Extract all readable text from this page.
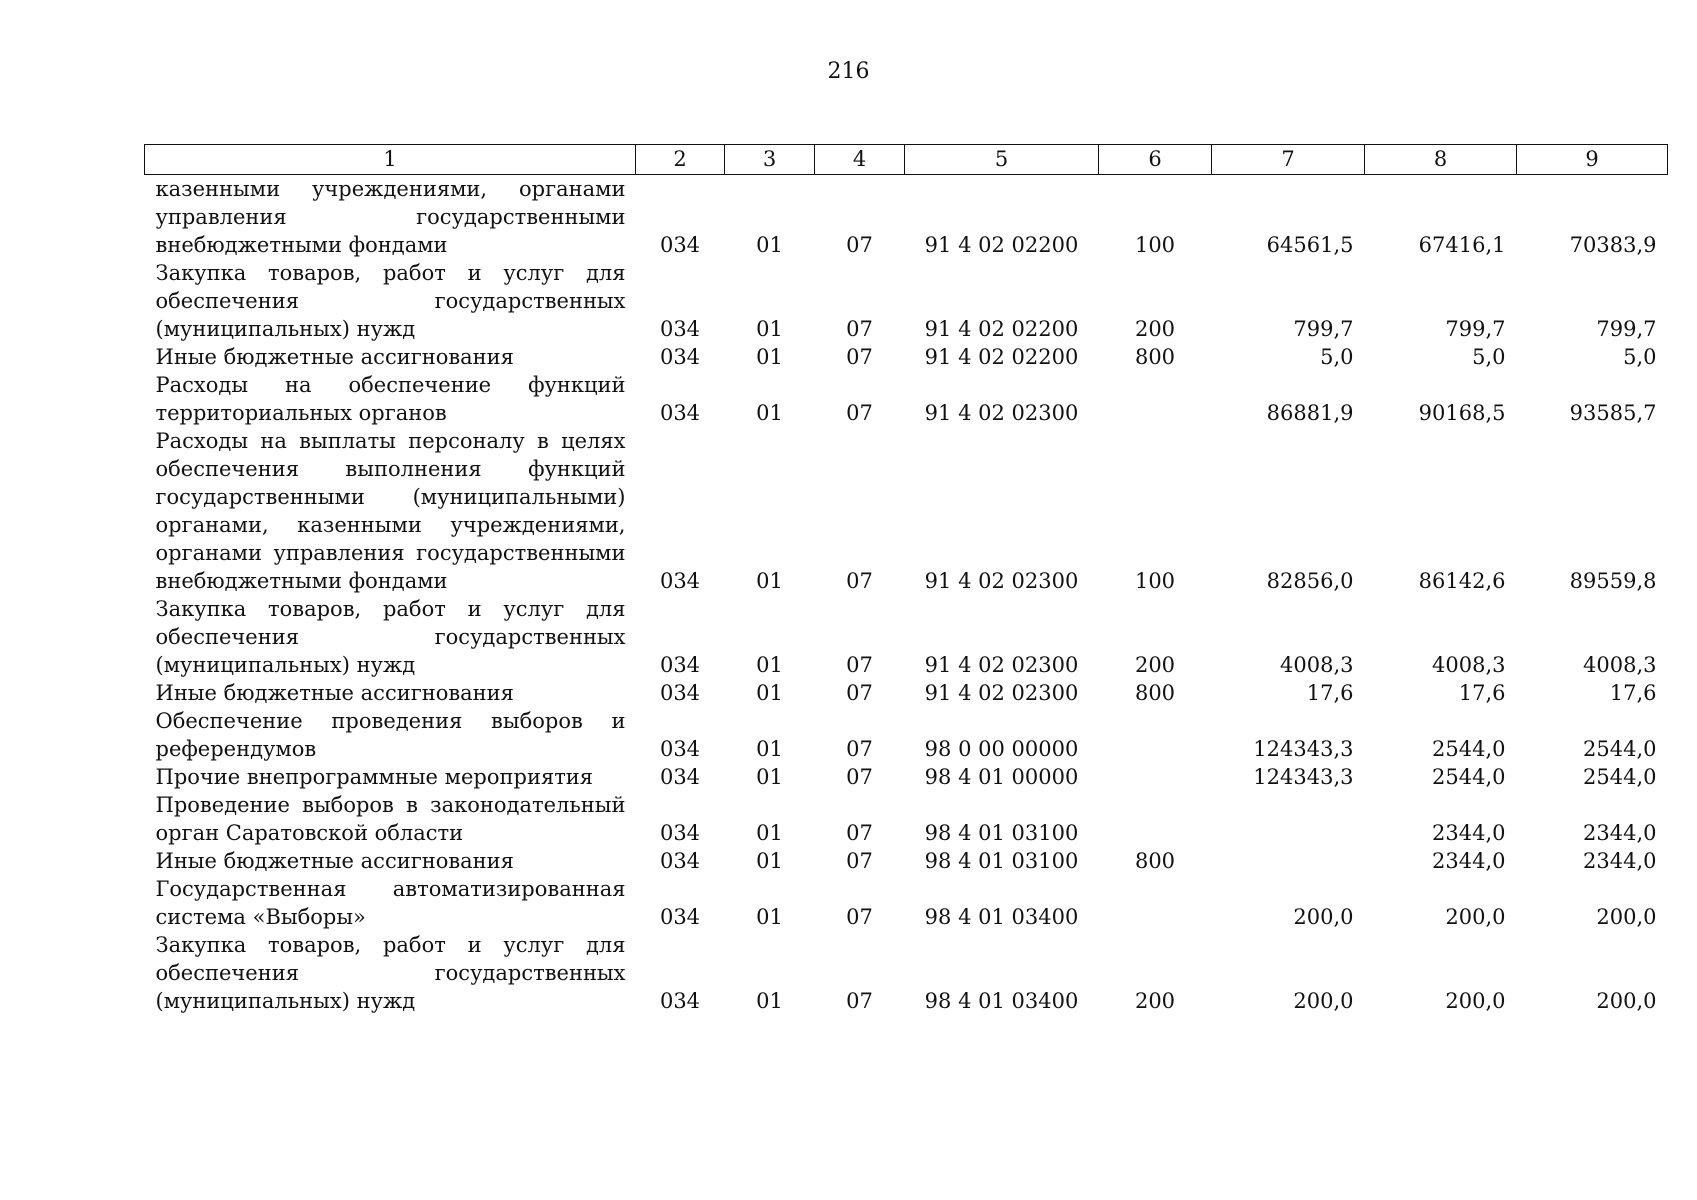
216
1	2	3	4	5	6	7	8	9
казенными учреждениями, органами управления государственными внебюджетными фондами	034	01	07	91 4 02 02200	100	64561,5	67416,1	70383,9
Закупка товаров, работ и услуг для обеспечения государственных (муниципальных) нужд	034	01	07	91 4 02 02200	200	799,7	799,7	799,7
Иные бюджетные ассигнования	034	01	07	91 4 02 02200	800	5,0	5,0	5,0
Расходы на обеспечение функций территориальных органов	034	01	07	91 4 02 02300		86881,9	90168,5	93585,7
Расходы на выплаты персоналу в целях обеспечения выполнения функций государственными (муниципальными) органами, казенными учреждениями, органами управления государственными внебюджетными фондами	034	01	07	91 4 02 02300	100	82856,0	86142,6	89559,8
Закупка товаров, работ и услуг для обеспечения государственных (муниципальных) нужд	034	01	07	91 4 02 02300	200	4008,3	4008,3	4008,3
Иные бюджетные ассигнования	034	01	07	91 4 02 02300	800	17,6	17,6	17,6
Обеспечение проведения выборов и референдумов	034	01	07	98 0 00 00000		124343,3	2544,0	2544,0
Прочие внепрограммные мероприятия	034	01	07	98 4 01 00000		124343,3	2544,0	2544,0
Проведение выборов в законодательный орган Саратовской области	034	01	07	98 4 01 03100			2344,0	2344,0
Иные бюджетные ассигнования	034	01	07	98 4 01 03100	800		2344,0	2344,0
Государственная автоматизированная система «Выборы»	034	01	07	98 4 01 03400		200,0	200,0	200,0
Закупка товаров, работ и услуг для обеспечения государственных (муниципальных) нужд	034	01	07	98 4 01 03400	200	200,0	200,0	200,0
